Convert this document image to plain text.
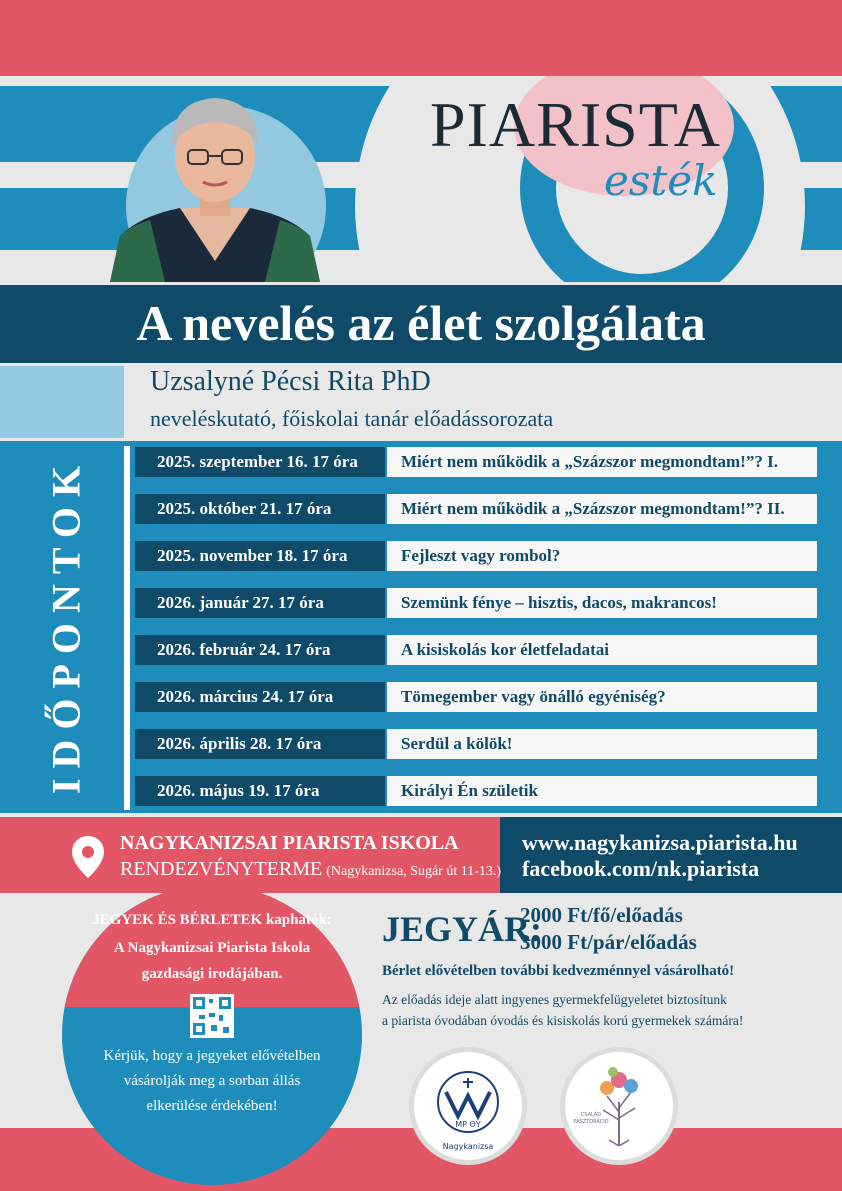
PIARISTA
esték
A nevelés az élet szolgálata
Uzsalyné Pécsi Rita PhD
neveléskutató, főiskolai tanár előadássorozata
IDŐPONTOK	2025. szeptember 16. 17 óra	Miért nem működik a „Százszor megmondtam!”? I.
2025. október 21. 17 óra	Miért nem működik a „Százszor megmondtam!”? II.
2025. november 18. 17 óra	Fejleszt vagy rombol?
2026. január 27. 17 óra	Szemünk fénye – hisztis, dacos, makrancos!
2026. február 24. 17 óra	A kisiskolás kor életfeladatai
2026. március 24. 17 óra	Tömegember vagy önálló egyéniség?
2026. április 28. 17 óra	Serdül a kölök!
2026. május 19. 17 óra	Királyi Én születik
NAGYKANIZSAI PIARISTA ISKOLA
RENDEZVÉNYTERME (Nagykanizsa, Sugár út 11-13.)
www.nagykanizsa.piarista.hu
facebook.com/nk.piarista
JEGYEK ÉS BÉRLETEK kaphatók:
A Nagykanizsai Piarista Iskola
gazdasági irodájában.
Kérjük, hogy a jegyeket elővételben
vásárolják meg a sorban állás
elkerülése érdekében!
JEGYÁR:
2000 Ft/fő/előadás
3000 Ft/pár/előadás
Bérlet elővételben további kedvezménnyel vásárolható!
Az előadás ideje alatt ingyenes gyermekfelügyeletet biztosítunk
a piarista óvodában óvodás és kisiskolás korú gyermekek számára!
MP ΘY
Nagykanizsa
CSALÁD PASZTORÁCIÓ
